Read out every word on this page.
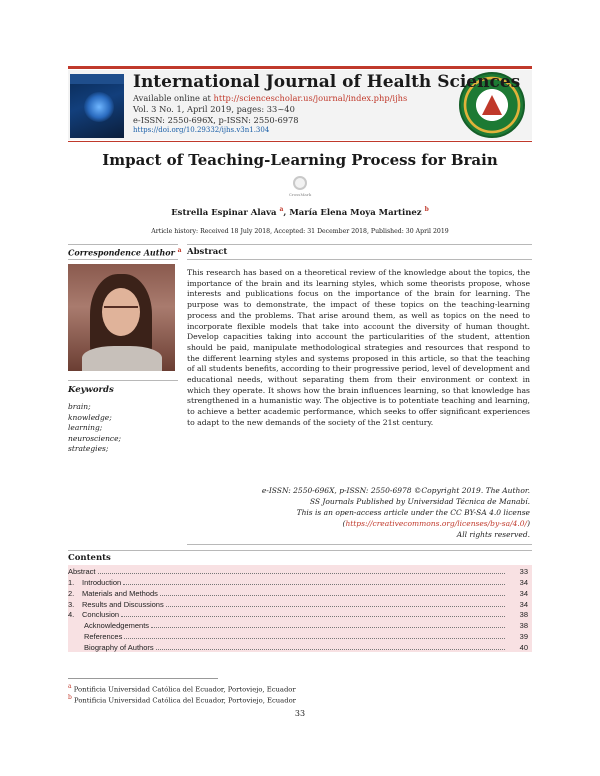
International Journal of Health Sciences
Available online at http://sciencescholar.us/journal/index.php/ijhs
Vol. 3 No. 1, April 2019, pages: 33~40
e-ISSN: 2550-696X, p-ISSN: 2550-6978
https://doi.org/10.29332/ijhs.v3n1.304
Impact of Teaching-Learning Process for Brain
CrossMark
Estrella Espinar Alava $^a$, María Elena Moya Martinez $^b$
Article history: Received 18 July 2018, Accepted: 31 December 2018, Published: 30 April 2019
Correspondence Author $^a$ Abstract
Keywords
brain;
knowledge;
learning;
neuroscience;
strategies;
This research has based on a theoretical review of the knowledge about the topics, the importance of the brain and its learning styles, which some theorists propose, whose interests and publications focus on the importance of the brain for learning. The purpose was to demonstrate, the impact of these topics on the teaching-learning process and the problems. That arise around them, as well as topics on the need to incorporate flexible models that take into account the diversity of human thought. Develop capacities taking into account the particularities of the student, attention should be paid, manipulate methodological strategies and resources that respond to the different learning styles and systems proposed in this article, so that the teaching of all students benefits, according to their progressive period, level of development and educational needs, without separating them from their environment or context in which they operate. It shows how the brain influences learning, so that knowledge has strengthened in a humanistic way. The objective is to potentiate teaching and learning, to achieve a better academic performance, which seeks to offer significant experiences to adapt to the new demands of the society of the 21st century.
e-ISSN: 2550-696X, p-ISSN: 2550-6978 ©Copyright 2019. The Author.
SS Journals Published by Universidad Técnica de Manabí.
This is an open-access article under the CC BY-SA 4.0 license
(https://creativecommons.org/licenses/by-sa/4.0/)
All rights reserved.
Contents
Abstract	33
1.	Introduction	34
2.	Materials and Methods	34
3.	Results and Discussions	34
4.	Conclusion	38
Acknowledgements	38
References	39
Biography of Authors	40
$^a$ Pontificia Universidad Católica del Ecuador, Portoviejo, Ecuador
$^b$ Pontificia Universidad Católica del Ecuador, Portoviejo, Ecuador
33
